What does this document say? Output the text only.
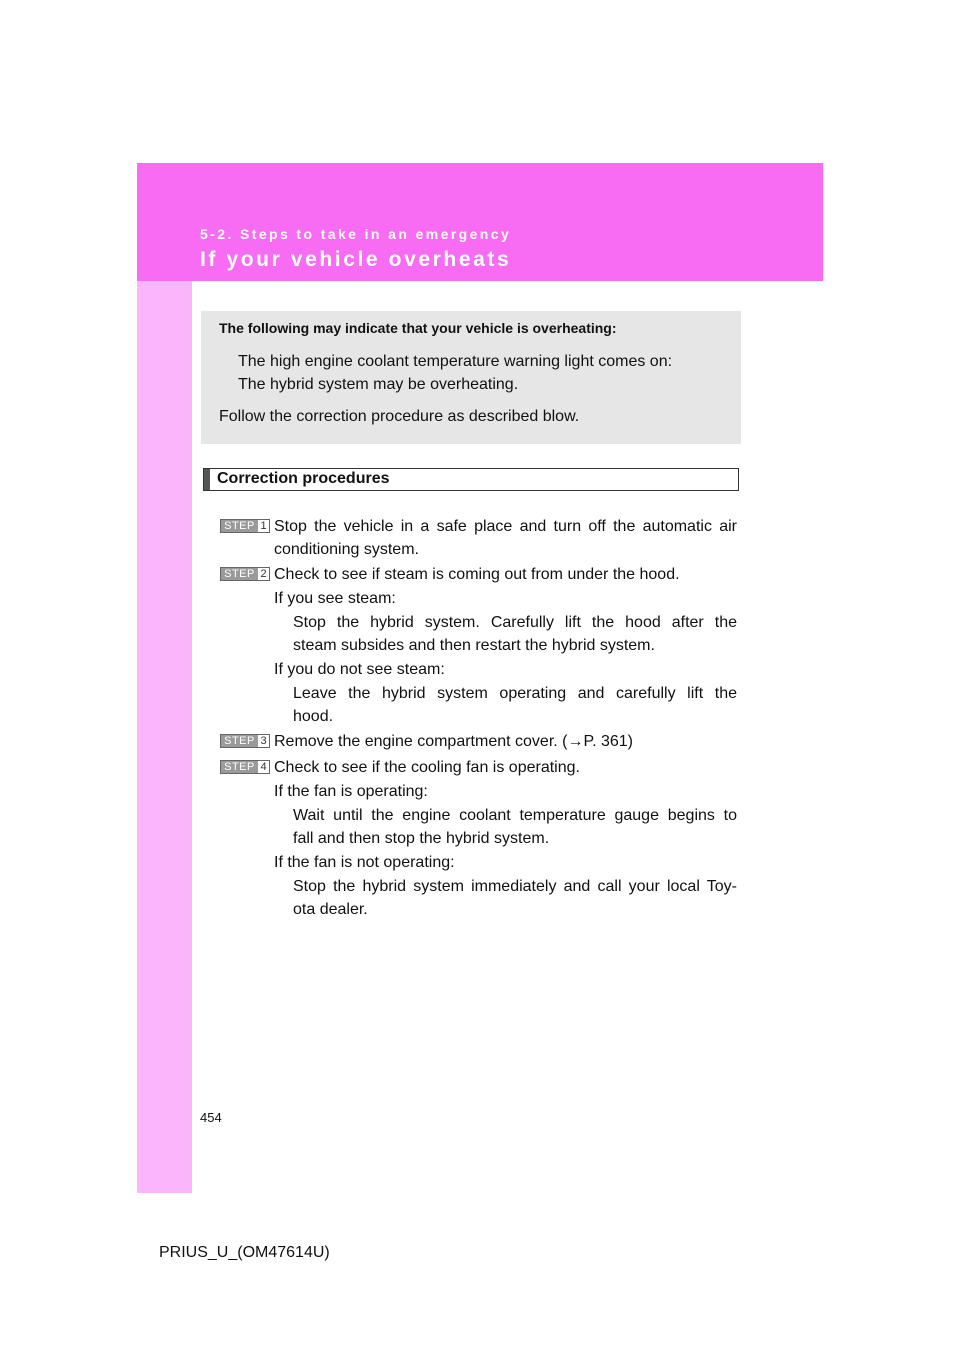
5-2. Steps to take in an emergency
If your vehicle overheats
The following may indicate that your vehicle is overheating:
The high engine coolant temperature warning light comes on:
The hybrid system may be overheating.
Follow the correction procedure as described blow.
Correction procedures
STEP 1 Stop the vehicle in a safe place and turn off the automatic air
conditioning system.
STEP 2 Check to see if steam is coming out from under the hood.
If you see steam:
Stop the hybrid system. Carefully lift the hood after the
steam subsides and then restart the hybrid system.
If you do not see steam:
Leave the hybrid system operating and carefully lift the
hood.
STEP 3 Remove the engine compartment cover. (→P. 361)
STEP 4 Check to see if the cooling fan is operating.
If the fan is operating:
Wait until the engine coolant temperature gauge begins to
fall and then stop the hybrid system.
If the fan is not operating:
Stop the hybrid system immediately and call your local Toy-
ota dealer.
454
PRIUS_U_(OM47614U)
